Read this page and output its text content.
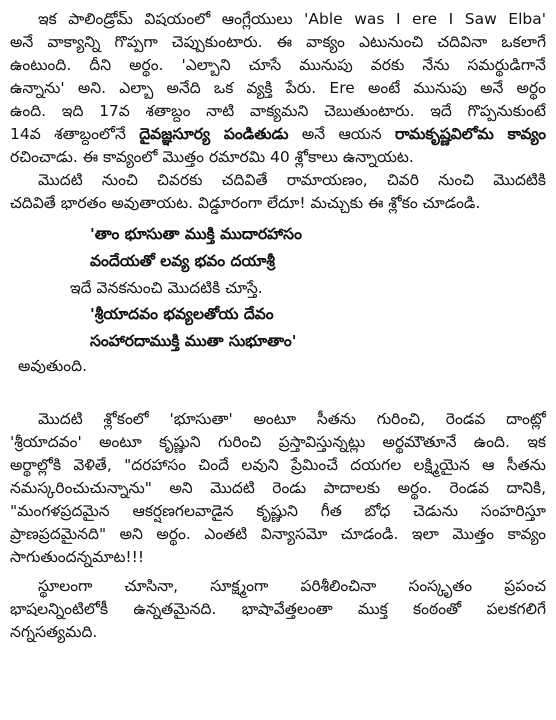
ఇక పాలిండ్రోమ్ విషయంలో ఆంగ్లేయులు 'Able was I ere I Saw Elba'
అనే వాక్యాన్ని గొప్పగా చెప్పుకుంటారు. ఈ వాక్యం ఎటునుంచి చదివినా ఒకలాగే
ఉంటుంది. దీని అర్థం. 'ఎల్బాని చూసే మునుపు వరకు నేను సమర్థుడిగానే
ఉన్నాను' అని. ఎల్బా అనేది ఒక వ్యక్తి పేరు. Ere అంటే మునుపు అనే అర్థం
ఉంది. ఇది 17వ శతాబ్దం నాటి వాక్యమని చెబుతుంటారు. ఇదే గొప్పనుకుంటే
14వ శతాబ్దంలోనే దైవజ్ఞసూర్య పండితుడు అనే ఆయన రామకృష్ణవిలోమ కావ్యం
రచించాడు. ఈ కావ్యంలో మొత్తం రమారమి 40 శ్లోకాలు ఉన్నాయట.
మొదటి నుంచి చివరకు చదివితే రామాయణం, చివరి నుంచి మొదటికి
చదివితే భారతం అవుతాయట. విడ్డూరంగా లేదూ! మచ్చుకు ఈ శ్లోకం చూడండి.
'తాం భూసుతా ముక్తి ముదారహాసం
వందేయతో లవ్య భవం దయాశ్రీ
ఇదే వెనకనుంచి మొదటికి చూస్తే.
'శ్రీయాదవం భవ్యలతోయ దేవం
సంహారదాముక్తి ముతా సుభూతాం'
అవుతుంది.
మొదటి శ్లోకంలో 'భూసుతా' అంటూ సీతను గురించి, రెండవ దాంట్లో
'శ్రీయాదవం' అంటూ కృష్ణుని గురించి ప్రస్తావిస్తున్నట్లు అర్థమౌతూనే ఉంది. ఇక
అర్థాల్లోకి వెళితే, "దరహాసం చిందే లవుని ప్రేమించే దయగల లక్ష్మియైన ఆ సీతను
నమస్కరించుచున్నాను" అని మొదటి రెండు పాదాలకు అర్థం. రెండవ దానికి,
"మంగళప్రదమైన ఆకర్షణగలవాడైన కృష్ణుని గీత బోధ చెడును సంహరిస్తూ
ప్రాణప్రదమైనది" అని అర్థం. ఎంతటి విన్యాసమో చూడండి. ఇలా మొత్తం కావ్యం
సాగుతుందన్నమాట!!!
స్థూలంగా చూసినా, సూక్ష్మంగా పరిశీలించినా సంస్కృతం ప్రపంచ
భాషలన్నింటిలోకీ ఉన్నతమైనది. భాషావేత్తలంతా ముక్త కంఠంతో పలకగలిగే
నగ్నసత్యమది.
